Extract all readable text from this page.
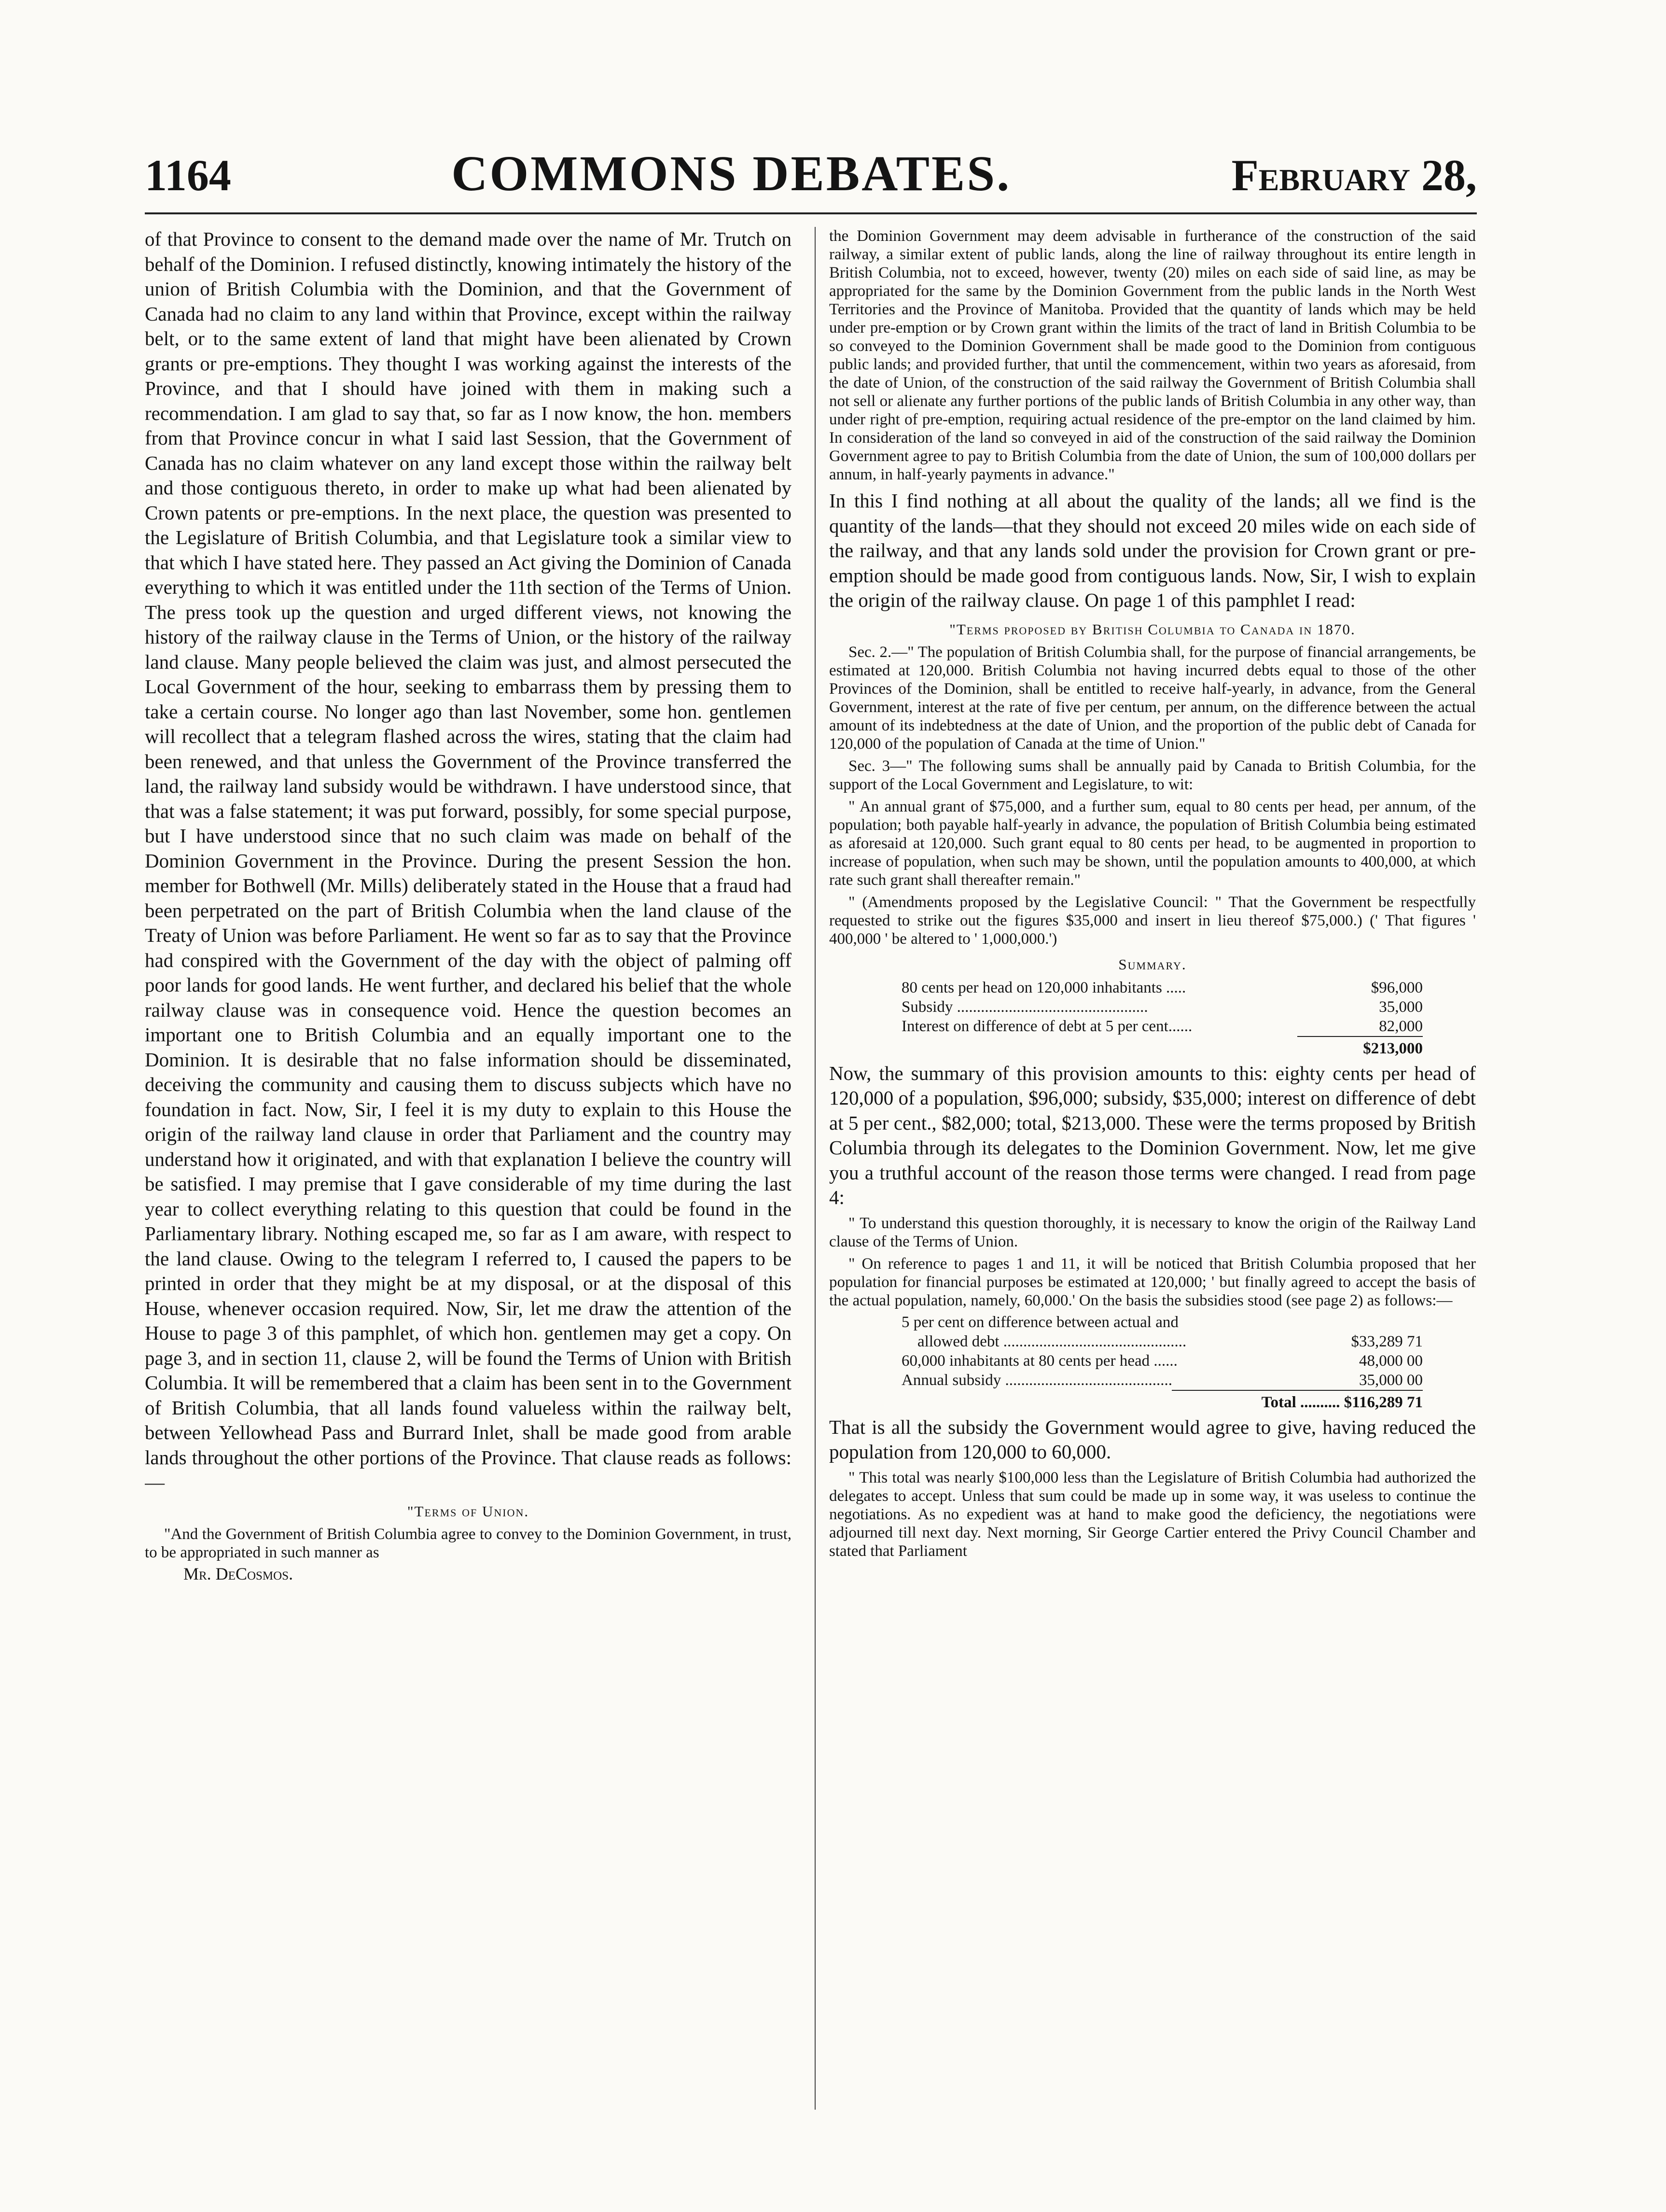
1164	COMMONS DEBATES.	February 28,

of that Province to consent to the demand made over the name of Mr. Trutch on behalf of the Dominion. I refused distinctly, knowing intimately the history of the union of British Columbia with the Dominion, and that the Government of Canada had no claim to any land within that Province, except within the railway belt, or to the same extent of land that might have been alienated by Crown grants or pre-emptions. They thought I was working against the interests of the Province, and that I should have joined with them in making such a recommendation. I am glad to say that, so far as I now know, the hon. members from that Province concur in what I said last Session, that the Government of Canada has no claim whatever on any land except those within the railway belt and those contiguous thereto, in order to make up what had been alienated by Crown patents or pre-emptions. In the next place, the question was presented to the Legislature of British Columbia, and that Legislature took a similar view to that which I have stated here. They passed an Act giving the Dominion of Canada everything to which it was entitled under the 11th section of the Terms of Union. The press took up the question and urged different views, not knowing the history of the railway clause in the Terms of Union, or the history of the railway land clause. Many people believed the claim was just, and almost persecuted the Local Government of the hour, seeking to embarrass them by pressing them to take a certain course. No longer ago than last November, some hon. gentlemen will recollect that a telegram flashed across the wires, stating that the claim had been renewed, and that unless the Government of the Province transferred the land, the railway land subsidy would be withdrawn. I have understood since, that that was a false statement; it was put forward, possibly, for some special purpose, but I have understood since that no such claim was made on behalf of the Dominion Government in the Province. During the present Session the hon. member for Bothwell (Mr. Mills) deliberately stated in the House that a fraud had been perpetrated on the part of British Columbia when the land clause of the Treaty of Union was before Parliament. He went so far as to say that the Province had conspired with the Government of the day with the object of palming off poor lands for good lands. He went further, and declared his belief that the whole railway clause was in consequence void. Hence the question becomes an important one to British Columbia and an equally important one to the Dominion. It is desirable that no false information should be disseminated, deceiving the community and causing them to discuss subjects which have no foundation in fact. Now, Sir, I feel it is my duty to explain to this House the origin of the railway land clause in order that Parliament and the country may understand how it originated, and with that explanation I believe the country will be satisfied. I may premise that I gave considerable of my time during the last year to collect everything relating to this question that could be found in the Parliamentary library. Nothing escaped me, so far as I am aware, with respect to the land clause. Owing to the telegram I referred to, I caused the papers to be printed in order that they might be at my disposal, or at the disposal of this House, whenever occasion required. Now, Sir, let me draw the attention of the House to page 3 of this pamphlet, of which hon. gentlemen may get a copy. On page 3, and in section 11, clause 2, will be found the Terms of Union with British Columbia. It will be remembered that a claim has been sent in to the Government of British Columbia, that all lands found valueless within the railway belt, between Yellowhead Pass and Burrard Inlet, shall be made good from arable lands throughout the other portions of the Province. That clause reads as follows:—

"Terms of Union.

"And the Government of British Columbia agree to convey to the Dominion Government, in trust, to be appropriated in such manner as

Mr. DeCosmos.

the Dominion Government may deem advisable in furtherance of the construction of the said railway, a similar extent of public lands, along the line of railway throughout its entire length in British Columbia, not to exceed, however, twenty (20) miles on each side of said line, as may be appropriated for the same by the Dominion Government from the public lands in the North West Territories and the Province of Manitoba. Provided that the quantity of lands which may be held under pre-emption or by Crown grant within the limits of the tract of land in British Columbia to be so conveyed to the Dominion Government shall be made good to the Dominion from contiguous public lands; and provided further, that until the commencement, within two years as aforesaid, from the date of Union, of the construction of the said railway the Government of British Columbia shall not sell or alienate any further portions of the public lands of British Columbia in any other way, than under right of pre-emption, requiring actual residence of the pre-emptor on the land claimed by him. In consideration of the land so conveyed in aid of the construction of the said railway the Dominion Government agree to pay to British Columbia from the date of Union, the sum of 100,000 dollars per annum, in half-yearly payments in advance."

In this I find nothing at all about the quality of the lands; all we find is the quantity of the lands—that they should not exceed 20 miles wide on each side of the railway, and that any lands sold under the provision for Crown grant or pre-emption should be made good from contiguous lands. Now, Sir, I wish to explain the origin of the railway clause. On page 1 of this pamphlet I read:

"Terms proposed by British Columbia to Canada in 1870.

Sec. 2.—" The population of British Columbia shall, for the purpose of financial arrangements, be estimated at 120,000. British Columbia not having incurred debts equal to those of the other Provinces of the Dominion, shall be entitled to receive half-yearly, in advance, from the General Government, interest at the rate of five per centum, per annum, on the difference between the actual amount of its indebtedness at the date of Union, and the proportion of the public debt of Canada for 120,000 of the population of Canada at the time of Union."

Sec. 3—" The following sums shall be annually paid by Canada to British Columbia, for the support of the Local Government and Legislature, to wit:

" An annual grant of $75,000, and a further sum, equal to 80 cents per head, per annum, of the population; both payable half-yearly in advance, the population of British Columbia being estimated as aforesaid at 120,000. Such grant equal to 80 cents per head, to be augmented in proportion to increase of population, when such may be shown, until the population amounts to 400,000, at which rate such grant shall thereafter remain."

" (Amendments proposed by the Legislative Council: " That the Government be respectfully requested to strike out the figures $35,000 and insert in lieu thereof $75,000.) (' That figures ' 400,000 ' be altered to ' 1,000,000.')

Summary.
80 cents per head on 120,000 inhabitants .....	$96,000
Subsidy ................................................	35,000
Interest on difference of debt at 5 per cent......	82,000
$213,000

Now, the summary of this provision amounts to this: eighty cents per head of 120,000 of a population, $96,000; subsidy, $35,000; interest on difference of debt at 5 per cent., $82,000; total, $213,000. These were the terms proposed by British Columbia through its delegates to the Dominion Government. Now, let me give you a truthful account of the reason those terms were changed. I read from page 4:

" To understand this question thoroughly, it is necessary to know the origin of the Railway Land clause of the Terms of Union.

" On reference to pages 1 and 11, it will be noticed that British Columbia proposed that her population for financial purposes be estimated at 120,000; ' but finally agreed to accept the basis of the actual population, namely, 60,000.' On the basis the subsidies stood (see page 2) as follows:—

5 per cent on difference between actual and
allowed debt ..............................................	$33,289 71
60,000 inhabitants at 80 cents per head ......	48,000 00
Annual subsidy ..........................................	35,000 00
Total .......... $116,289 71

That is all the subsidy the Government would agree to give, having reduced the population from 120,000 to 60,000.

" This total was nearly $100,000 less than the Legislature of British Columbia had authorized the delegates to accept. Unless that sum could be made up in some way, it was useless to continue the negotiations. As no expedient was at hand to make good the deficiency, the negotiations were adjourned till next day. Next morning, Sir George Cartier entered the Privy Council Chamber and stated that Parliament
